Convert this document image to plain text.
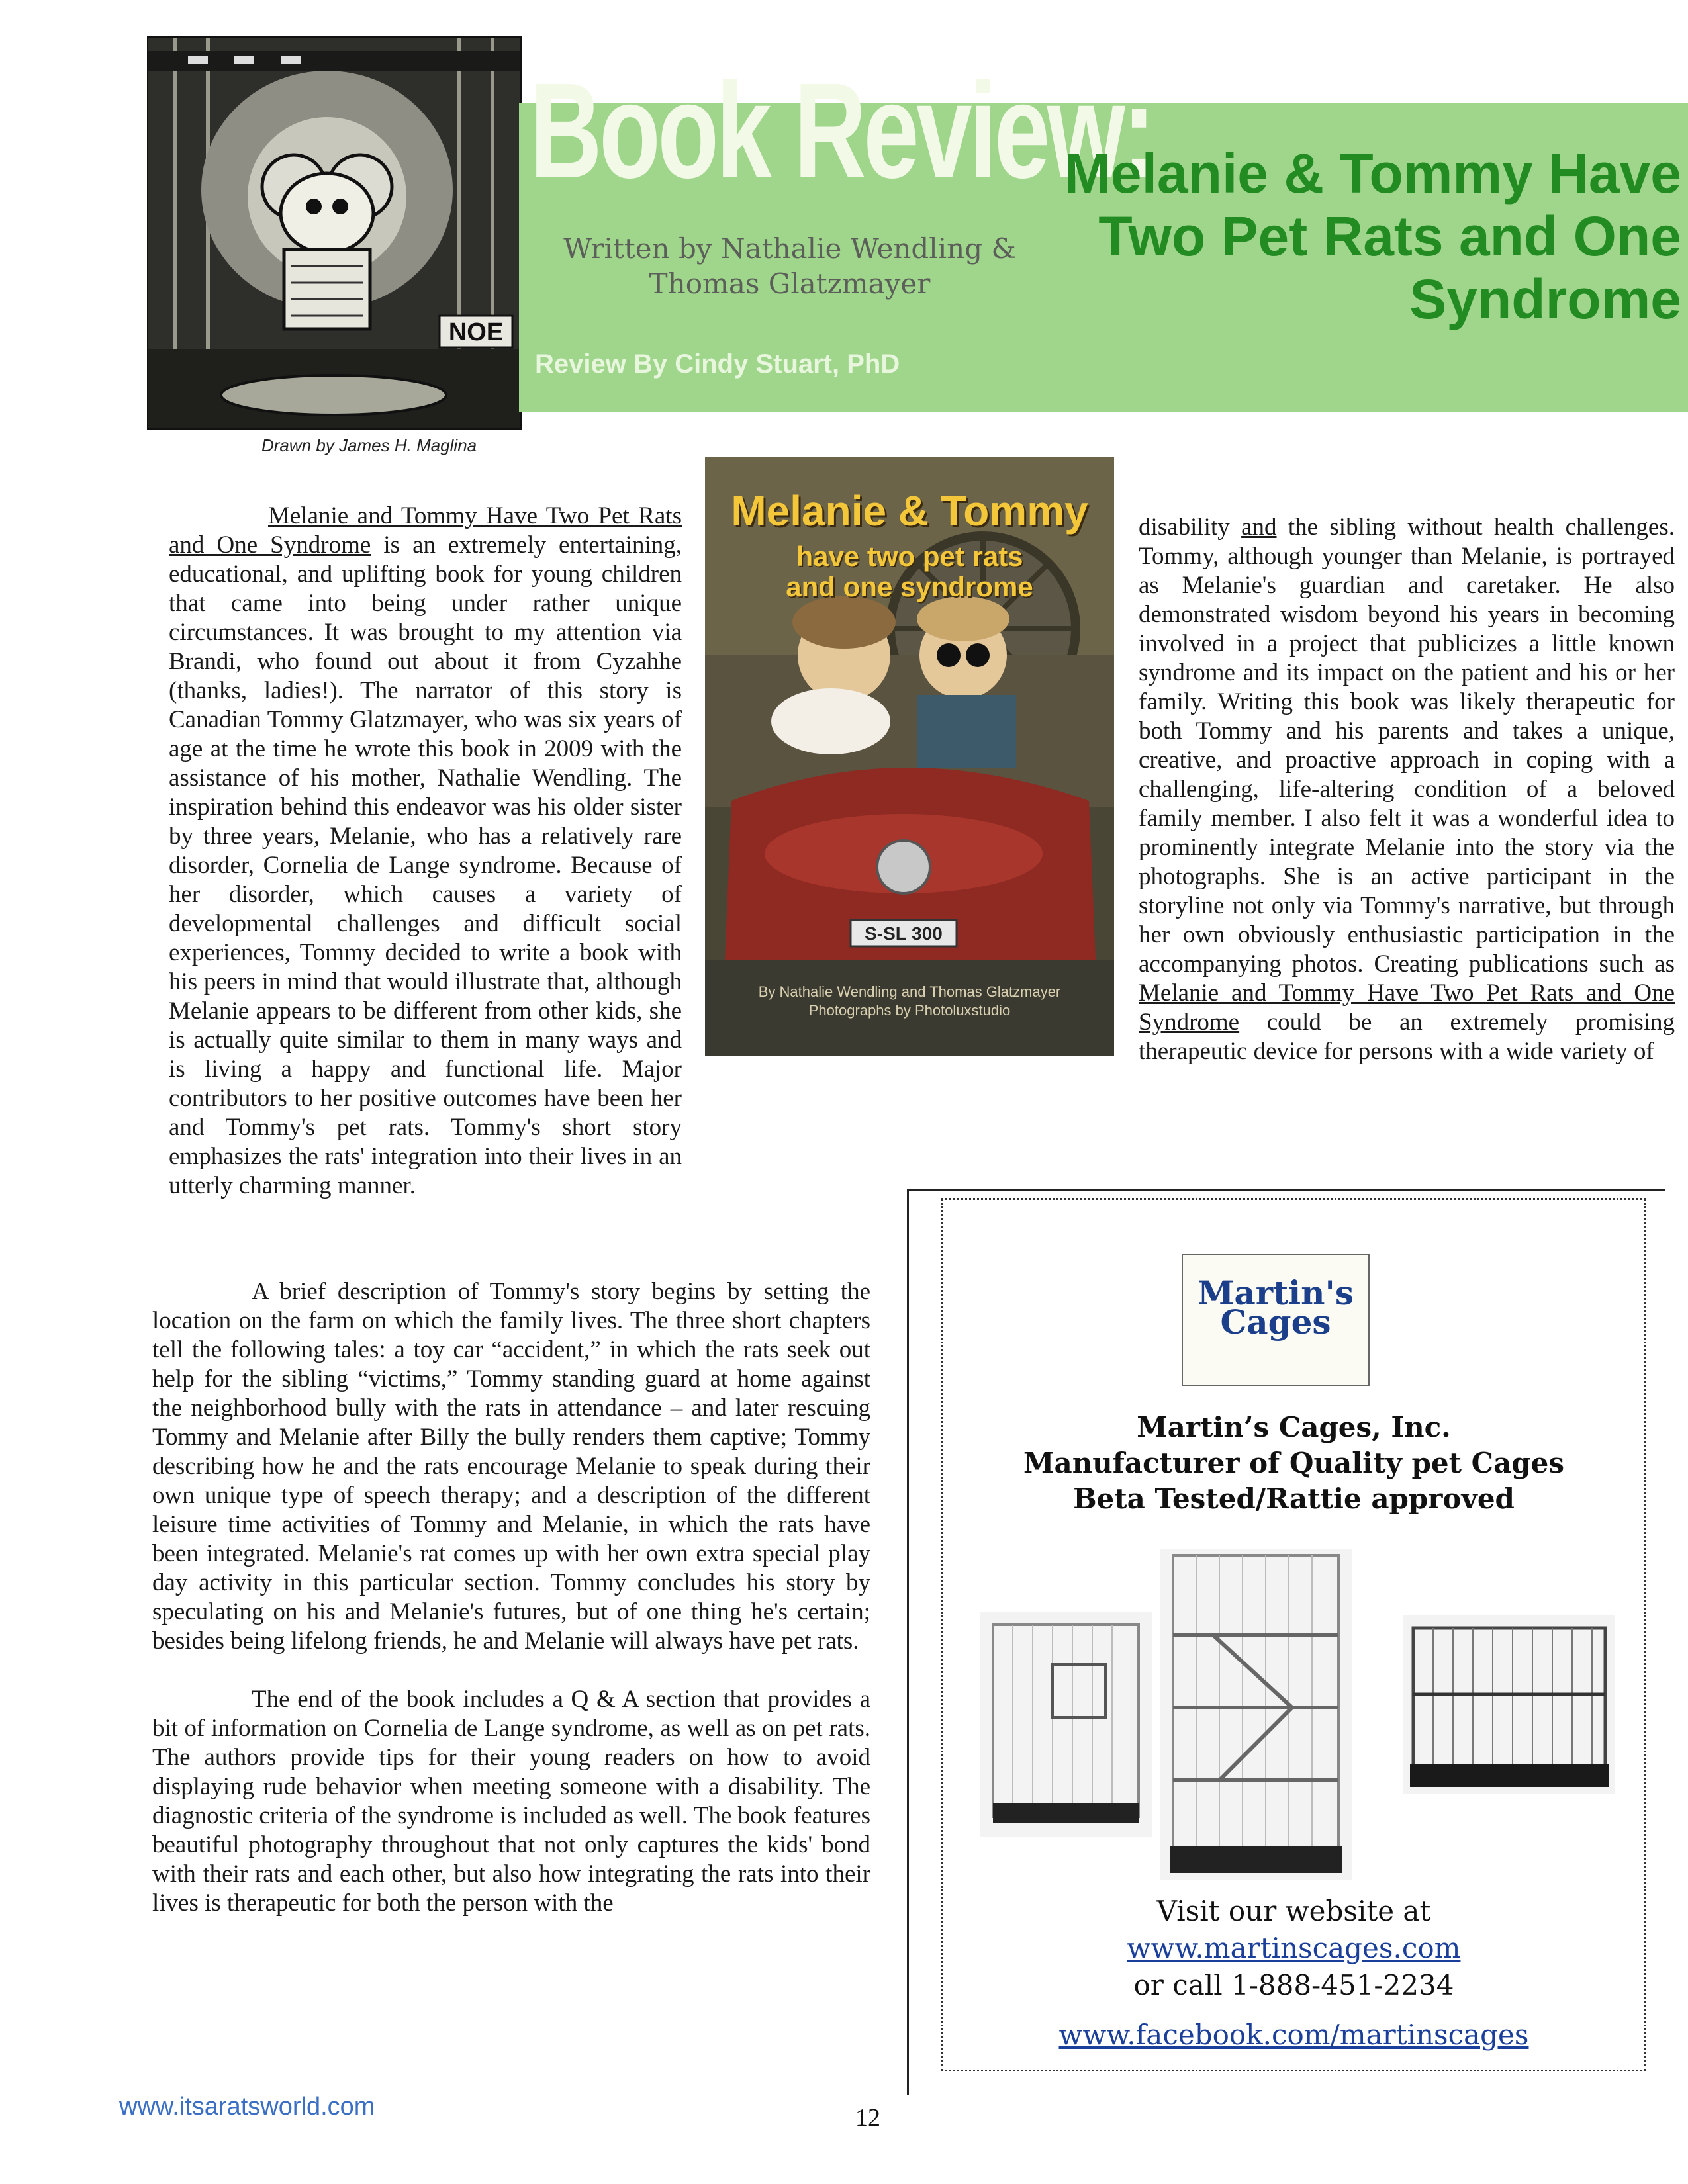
NOE
Drawn by James H. Maglina
Book Review:
Written by Nathalie Wendling &
Thomas Glatzmayer
Review By Cindy Stuart, PhD
Melanie & Tommy Have Two Pet Rats and One Syndrome
S-SL 300
Melanie & Tommy
have two pet rats
and one syndrome
By Nathalie Wendling and Thomas Glatzmayer
Photographs by Photoluxstudio

Melanie and Tommy Have Two Pet Rats and One Syndrome is an extremely entertaining, educational, and uplifting book for young children that came into being under rather unique circumstances. It was brought to my attention via Brandi, who found out about it from Cyzahhe (thanks, ladies!). The narrator of this story is Canadian Tommy Glatzmayer, who was six years of age at the time he wrote this book in 2009 with the assistance of his mother, Nathalie Wendling. The inspiration behind this endeavor was his older sister by three years, Melanie, who has a relatively rare disorder, Cornelia de Lange syndrome. Because of her disorder, which causes a variety of developmental challenges and difficult social experiences, Tommy decided to write a book with his peers in mind that would illustrate that, although Melanie appears to be different from other kids, she is actually quite similar to them in many ways and is living a happy and functional life. Major contributors to her positive outcomes have been her and Tommy's pet rats. Tommy's short story emphasizes the rats' integration into their lives in an utterly charming manner.

A brief description of Tommy's story begins by setting the location on the farm on which the family lives. The three short chapters tell the following tales: a toy car “accident,” in which the rats seek out help for the sibling “victims,” Tommy standing guard at home against the neighborhood bully with the rats in attendance – and later rescuing Tommy and Melanie after Billy the bully renders them captive; Tommy describing how he and the rats encourage Melanie to speak during their own unique type of speech therapy; and a description of the different leisure time activities of Tommy and Melanie, in which the rats have been integrated. Melanie's rat comes up with her own extra special play day activity in this particular section. Tommy concludes his story by speculating on his and Melanie's futures, but of one thing he's certain; besides being lifelong friends, he and Melanie will always have pet rats.

The end of the book includes a Q & A section that provides a bit of information on Cornelia de Lange syndrome, as well as on pet rats. The authors provide tips for their young readers on how to avoid displaying rude behavior when meeting someone with a disability. The diagnostic criteria of the syndrome is included as well. The book features beautiful photography throughout that not only captures the kids' bond with their rats and each other, but also how integrating the rats into their lives is therapeutic for both the person with the

disability and the sibling without health challenges. Tommy, although younger than Melanie, is portrayed as Melanie's guardian and caretaker. He also demonstrated wisdom beyond his years in becoming involved in a project that publicizes a little known syndrome and its impact on the patient and his or her family. Writing this book was likely therapeutic for both Tommy and his parents and takes a unique, creative, and proactive approach in coping with a challenging, life-altering condition of a beloved family member. I also felt it was a wonderful idea to prominently integrate Melanie into the story via the photographs. She is an active participant in the storyline not only via Tommy's narrative, but through her own obviously enthusiastic participation in the accompanying photos. Creating publications such as Melanie and Tommy Have Two Pet Rats and One Syndrome could be an extremely promising therapeutic device for persons with a wide variety of

Martin's
Cages
Martin’s Cages, Inc.
Manufacturer of Quality pet Cages
Beta Tested/Rattie approved
Visit our website at
www.martinscages.com
or call 1-888-451-2234
www.facebook.com/martinscages
www.itsaratsworld.com	12
